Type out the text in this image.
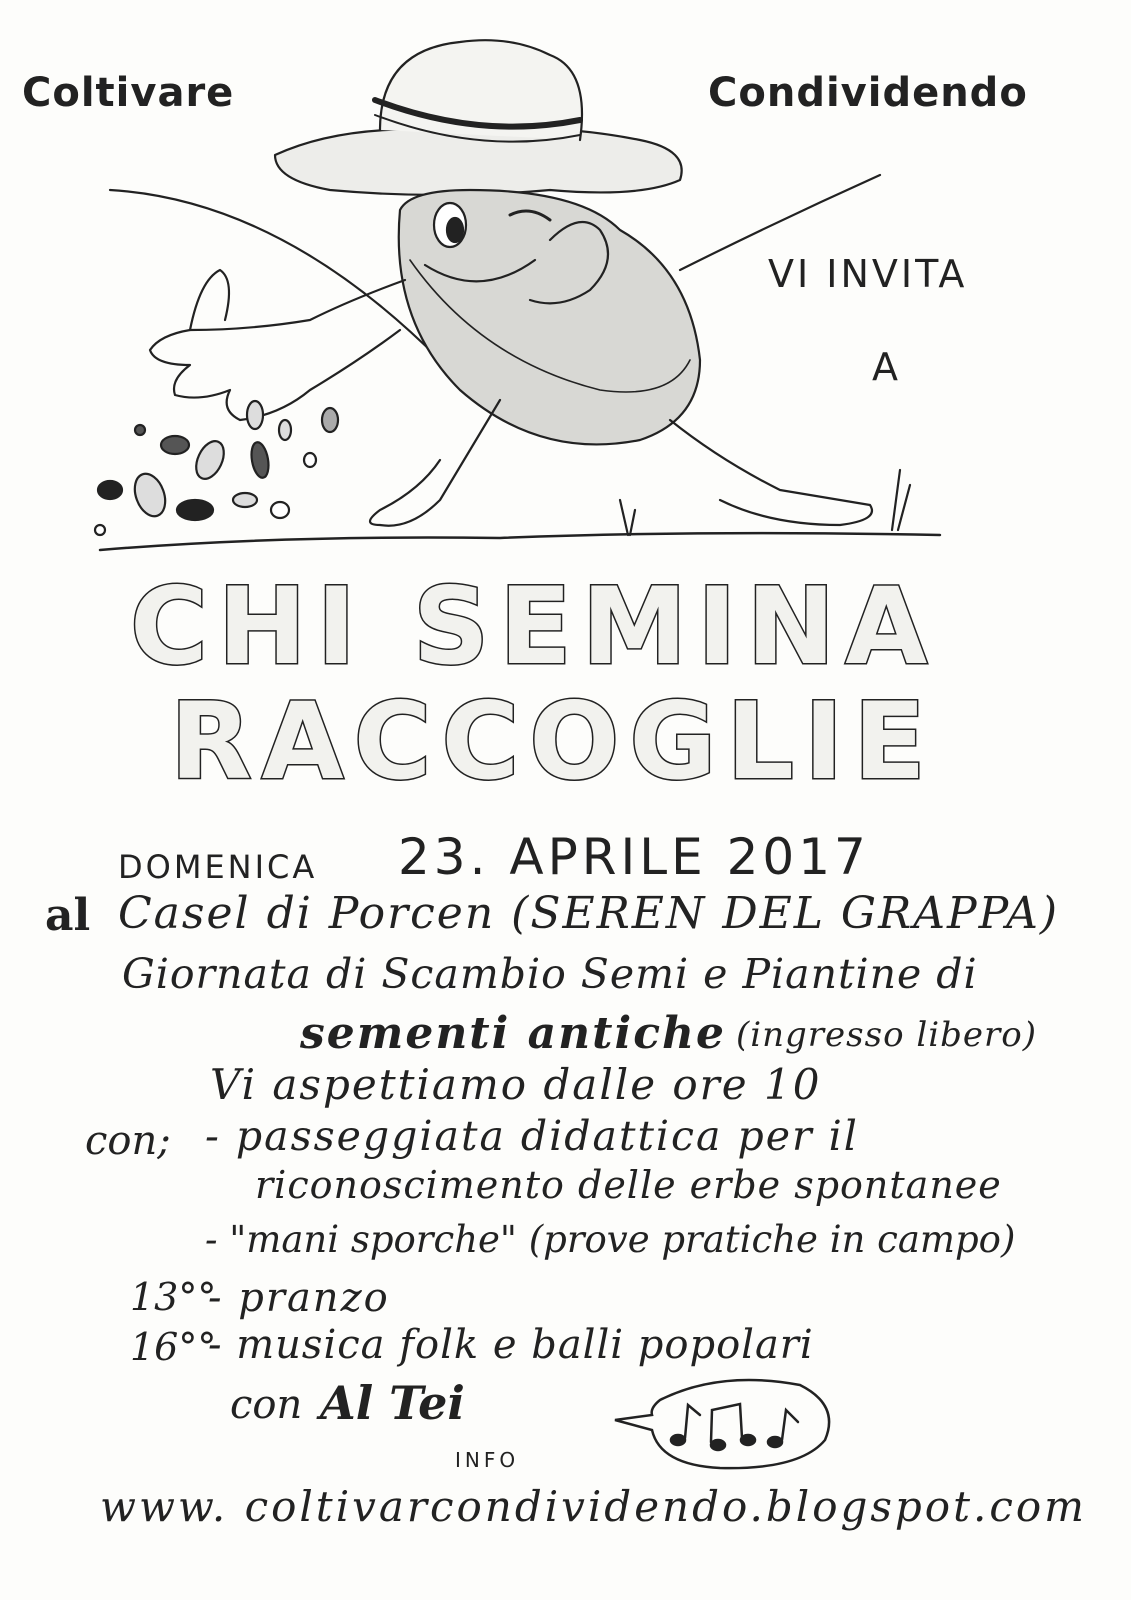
Coltivare	Condividendo
VI INVITA
A
CHI SEMINA
RACCOGLIE
DOMENICA 23. APRILE 2017
al Casel di Porcen (SEREN DEL GRAPPA)
Giornata di Scambio Semi e Piantine di
sementi antiche (ingresso libero)
Vi aspettiamo dalle ore 10
con; - passeggiata didattica per il
riconoscimento delle erbe spontanee
- "mani sporche" (prove pratiche in campo)
13°°
- pranzo
16°°
- musica folk e balli popolari
con Al Tei
INFO
www. coltivarcondividendo.blogspot.com
